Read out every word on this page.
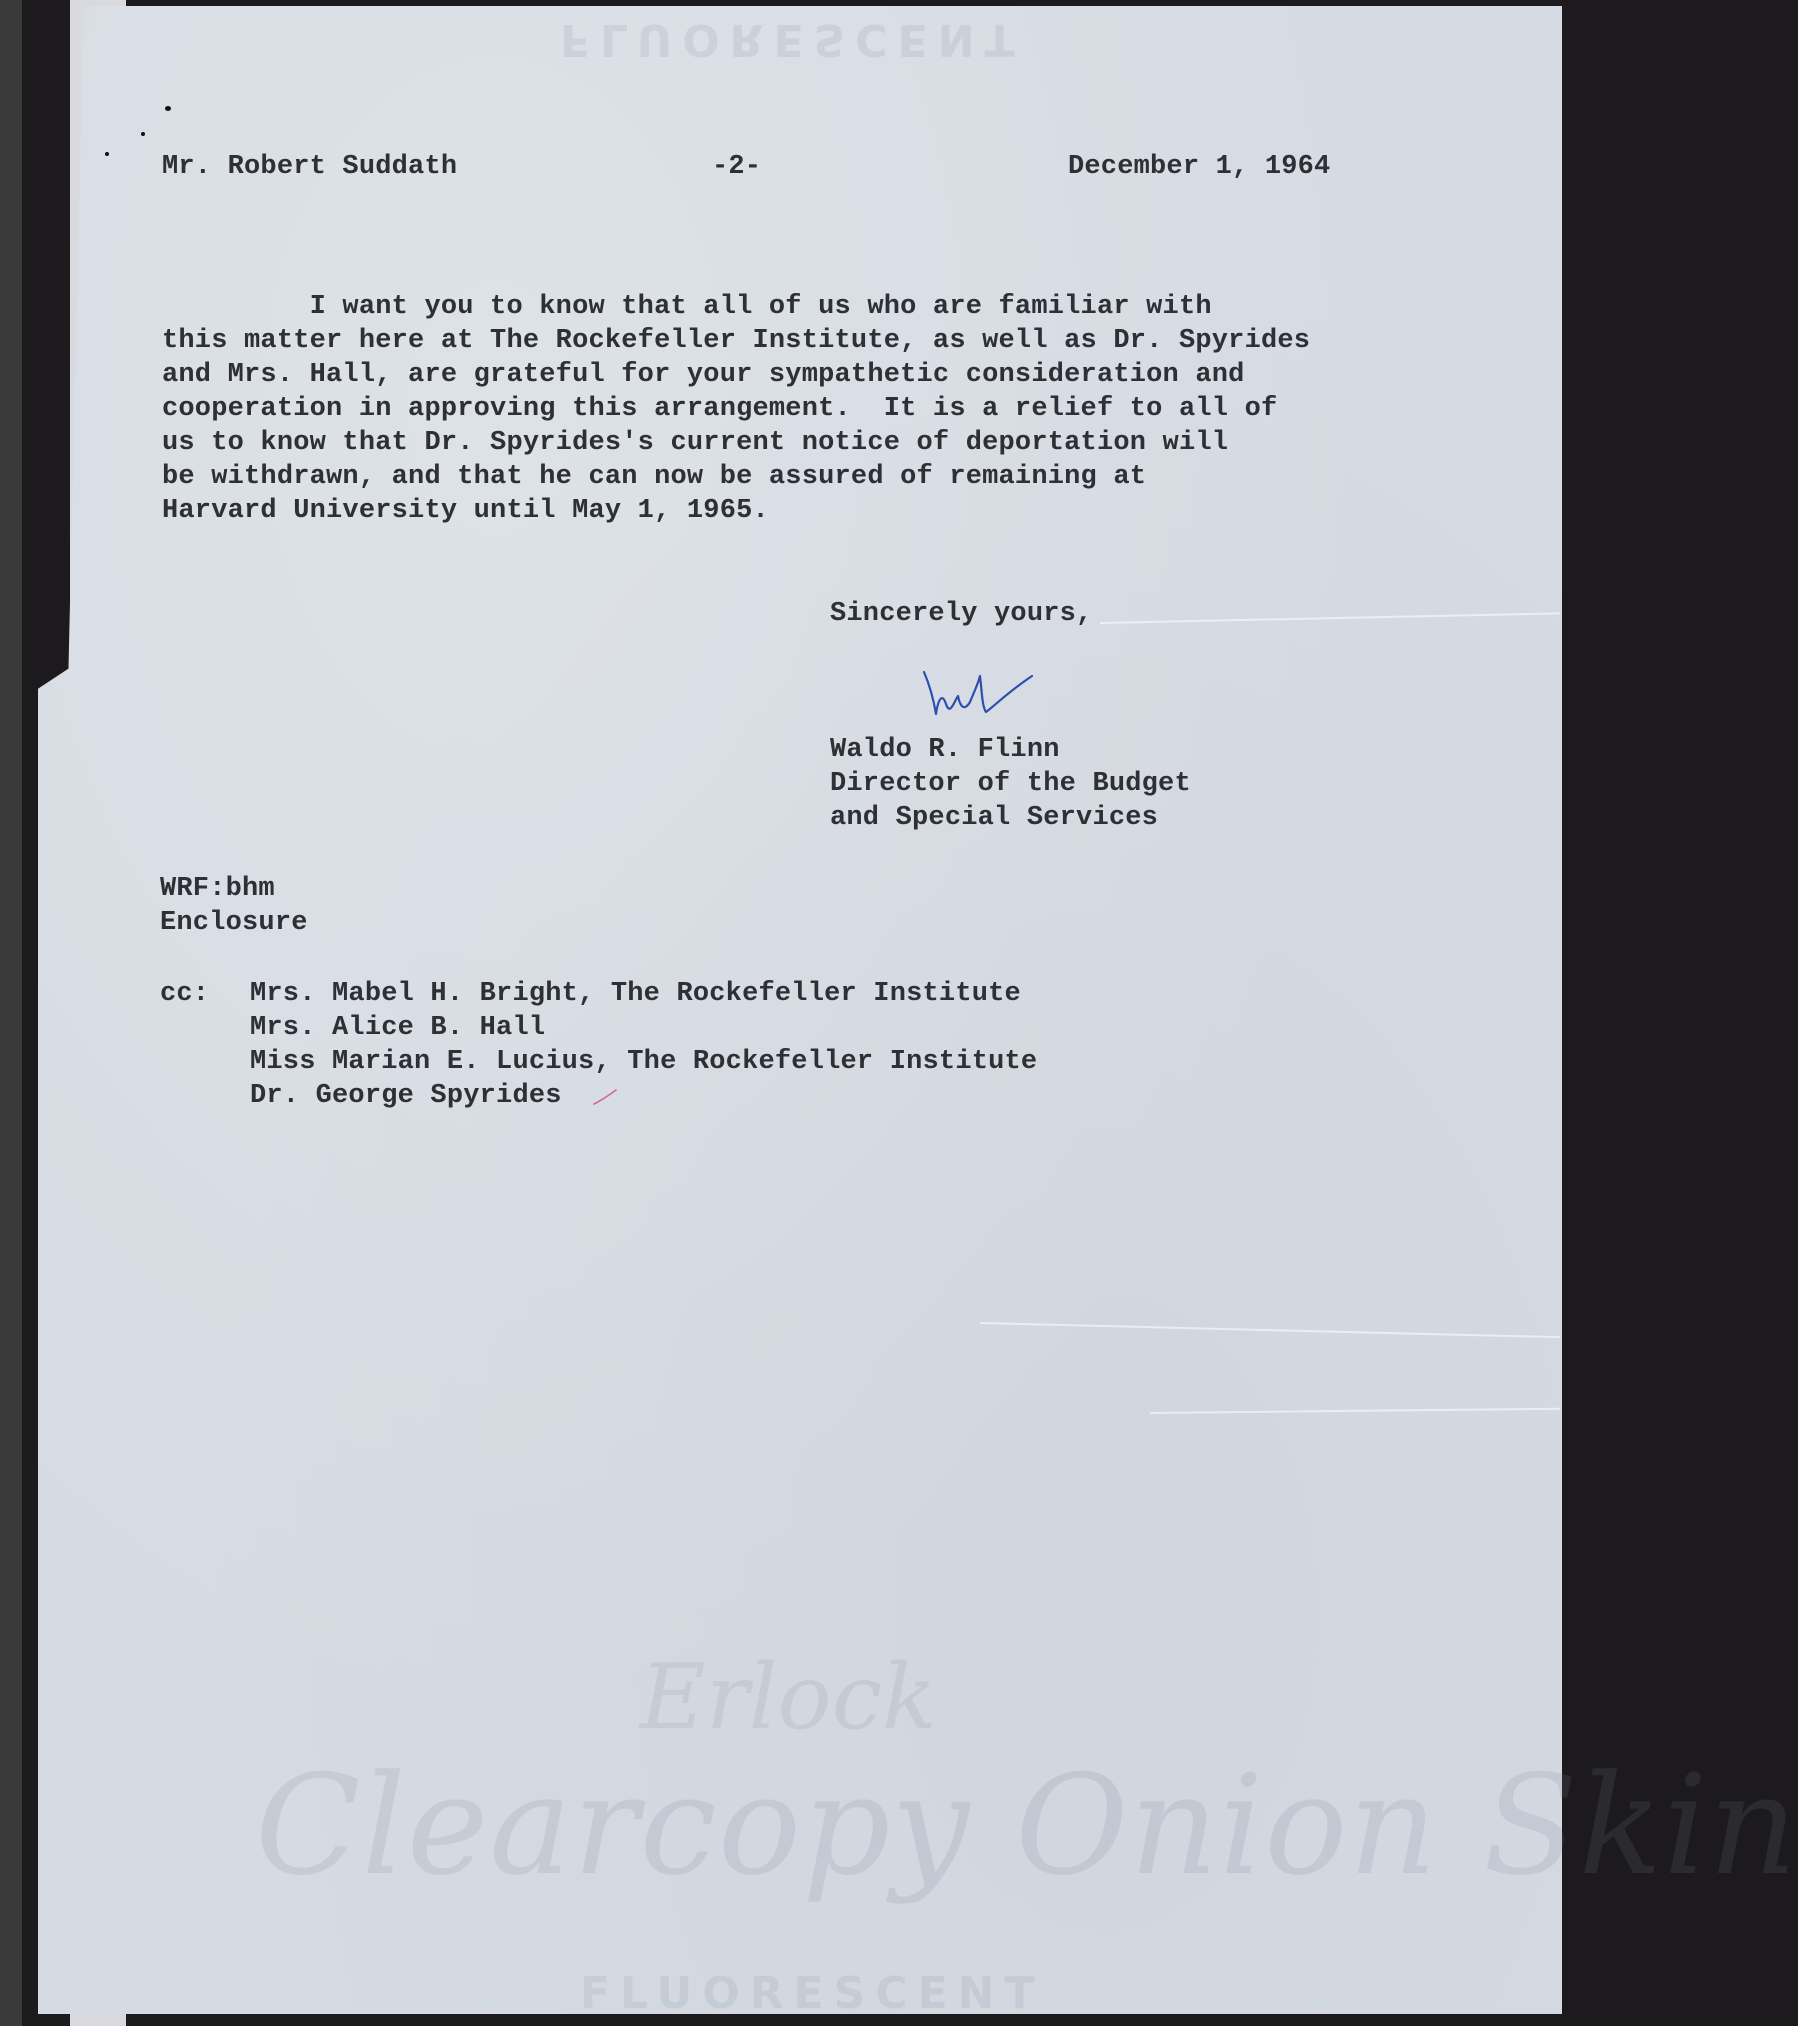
FLUORESCENT
Erlock
Clearcopy Onion Skin
FLUORESCENT
Mr. Robert Suddath	-2-	December 1, 1964
I want you to know that all of us who are familiar with
this matter here at The Rockefeller Institute, as well as Dr. Spyrides
and Mrs. Hall, are grateful for your sympathetic consideration and
cooperation in approving this arrangement.  It is a relief to all of
us to know that Dr. Spyrides's current notice of deportation will
be withdrawn, and that he can now be assured of remaining at
Harvard University until May 1, 1965.
Sincerely yours,
Waldo R. Flinn
Director of the Budget
and Special Services
WRF:bhm
Enclosure
cc: Mrs. Mabel H. Bright, The Rockefeller Institute
Mrs. Alice B. Hall
Miss Marian E. Lucius, The Rockefeller Institute
Dr. George Spyrides
